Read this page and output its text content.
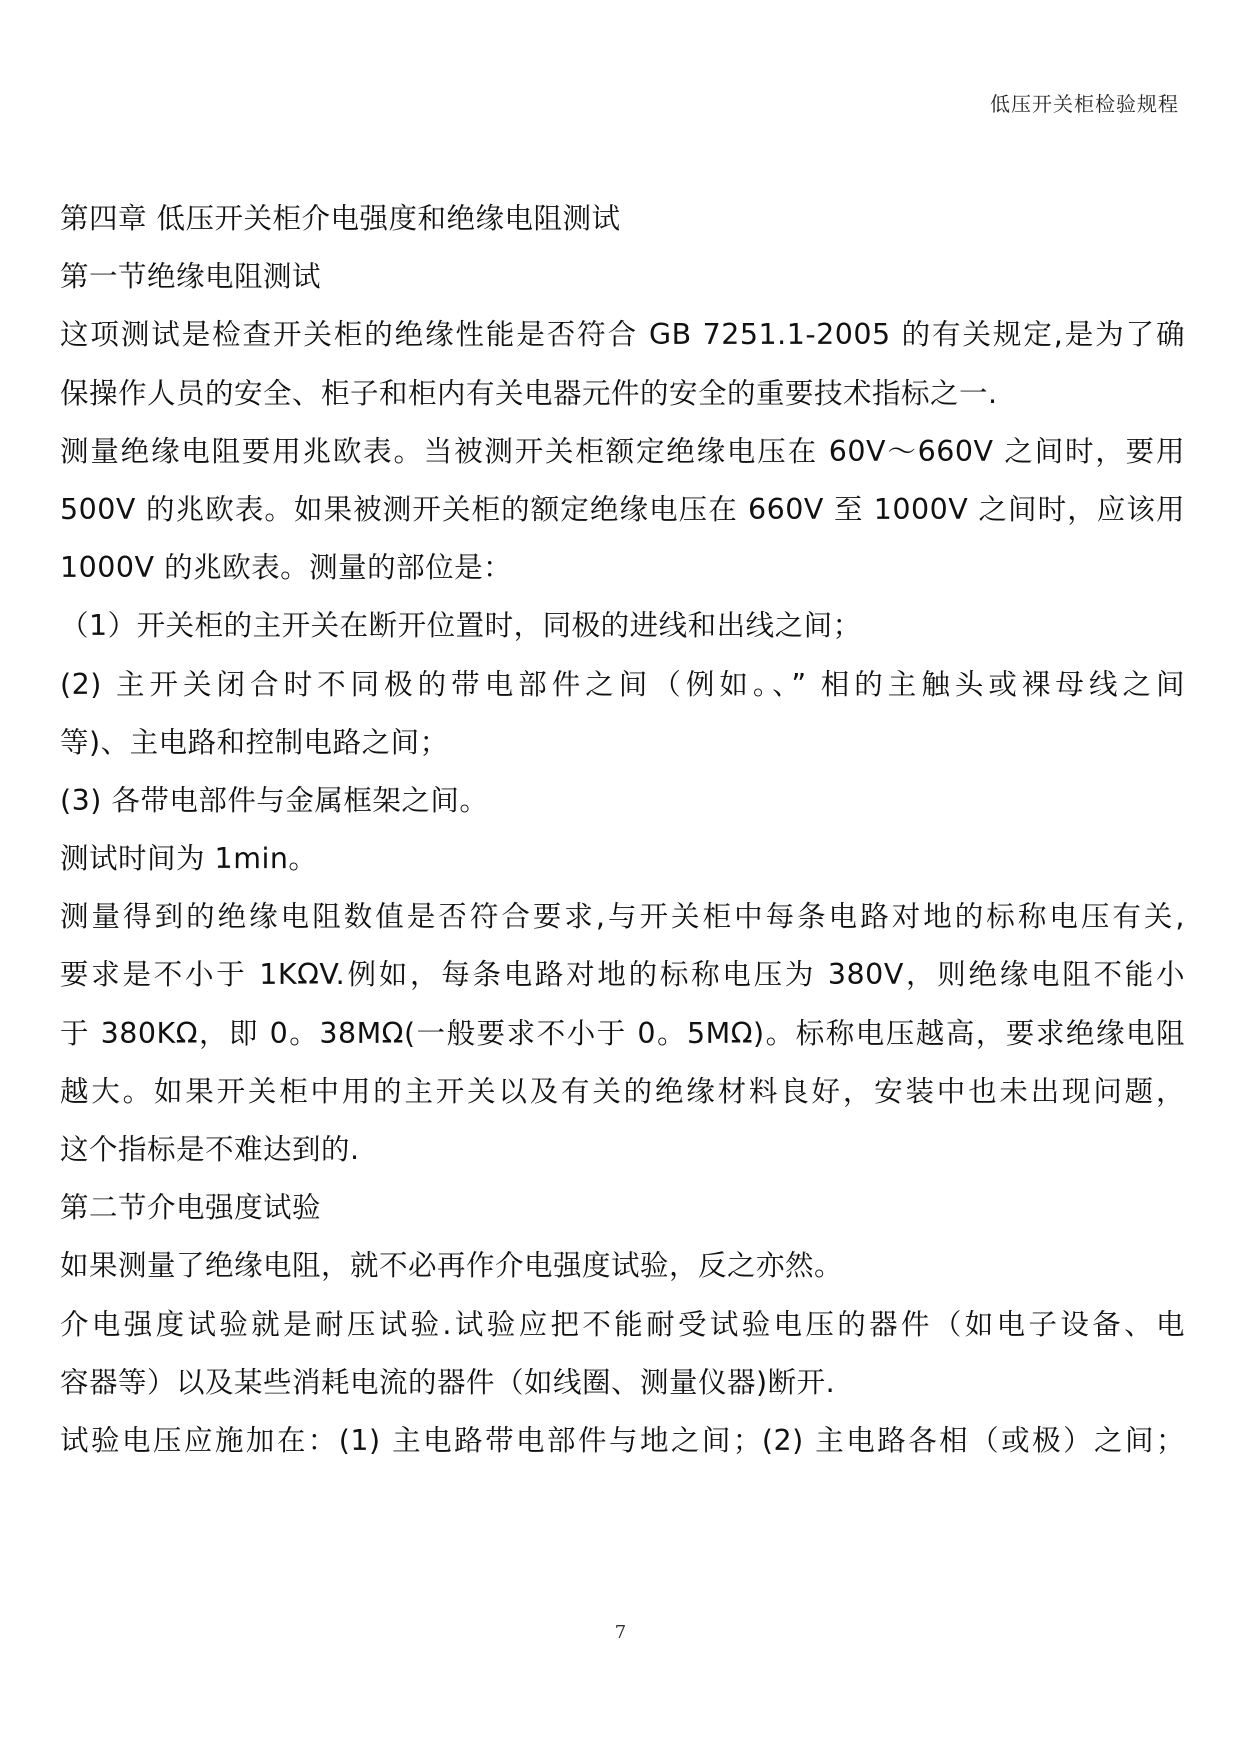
低压开关柜检验规程
第四章 低压开关柜介电强度和绝缘电阻测试
第一节绝缘电阻测试
这项测试是检查开关柜的绝缘性能是否符合 GB 7251.1-2005 的有关规定,是为了确
保操作人员的安全、柜子和柜内有关电器元件的安全的重要技术指标之一.
测量绝缘电阻要用兆欧表。当被测开关柜额定绝缘电压在 60V～660V 之间时，要用
500V 的兆欧表。如果被测开关柜的额定绝缘电压在 660V 至 1000V 之间时，应该用
1000V 的兆欧表。测量的部位是：
（1）开关柜的主开关在断开位置时，同极的进线和出线之间；
(2) 主开关闭合时不同极的带电部件之间（例如。、” 相的主触头或裸母线之间
等)、主电路和控制电路之间；
(3) 各带电部件与金属框架之间。
测试时间为 1min。
测量得到的绝缘电阻数值是否符合要求,与开关柜中每条电路对地的标称电压有关,
要求是不小于 1KΩV.例如，每条电路对地的标称电压为 380V，则绝缘电阻不能小
于 380KΩ，即 0。38MΩ(一般要求不小于 0。5MΩ)。标称电压越高，要求绝缘电阻
越大。如果开关柜中用的主开关以及有关的绝缘材料良好，安装中也未出现问题，
这个指标是不难达到的.
第二节介电强度试验
如果测量了绝缘电阻，就不必再作介电强度试验，反之亦然。
介电强度试验就是耐压试验.试验应把不能耐受试验电压的器件（如电子设备、电
容器等）以及某些消耗电流的器件（如线圈、测量仪器)断开.
试验电压应施加在：(1) 主电路带电部件与地之间；(2) 主电路各相（或极）之间；
7
